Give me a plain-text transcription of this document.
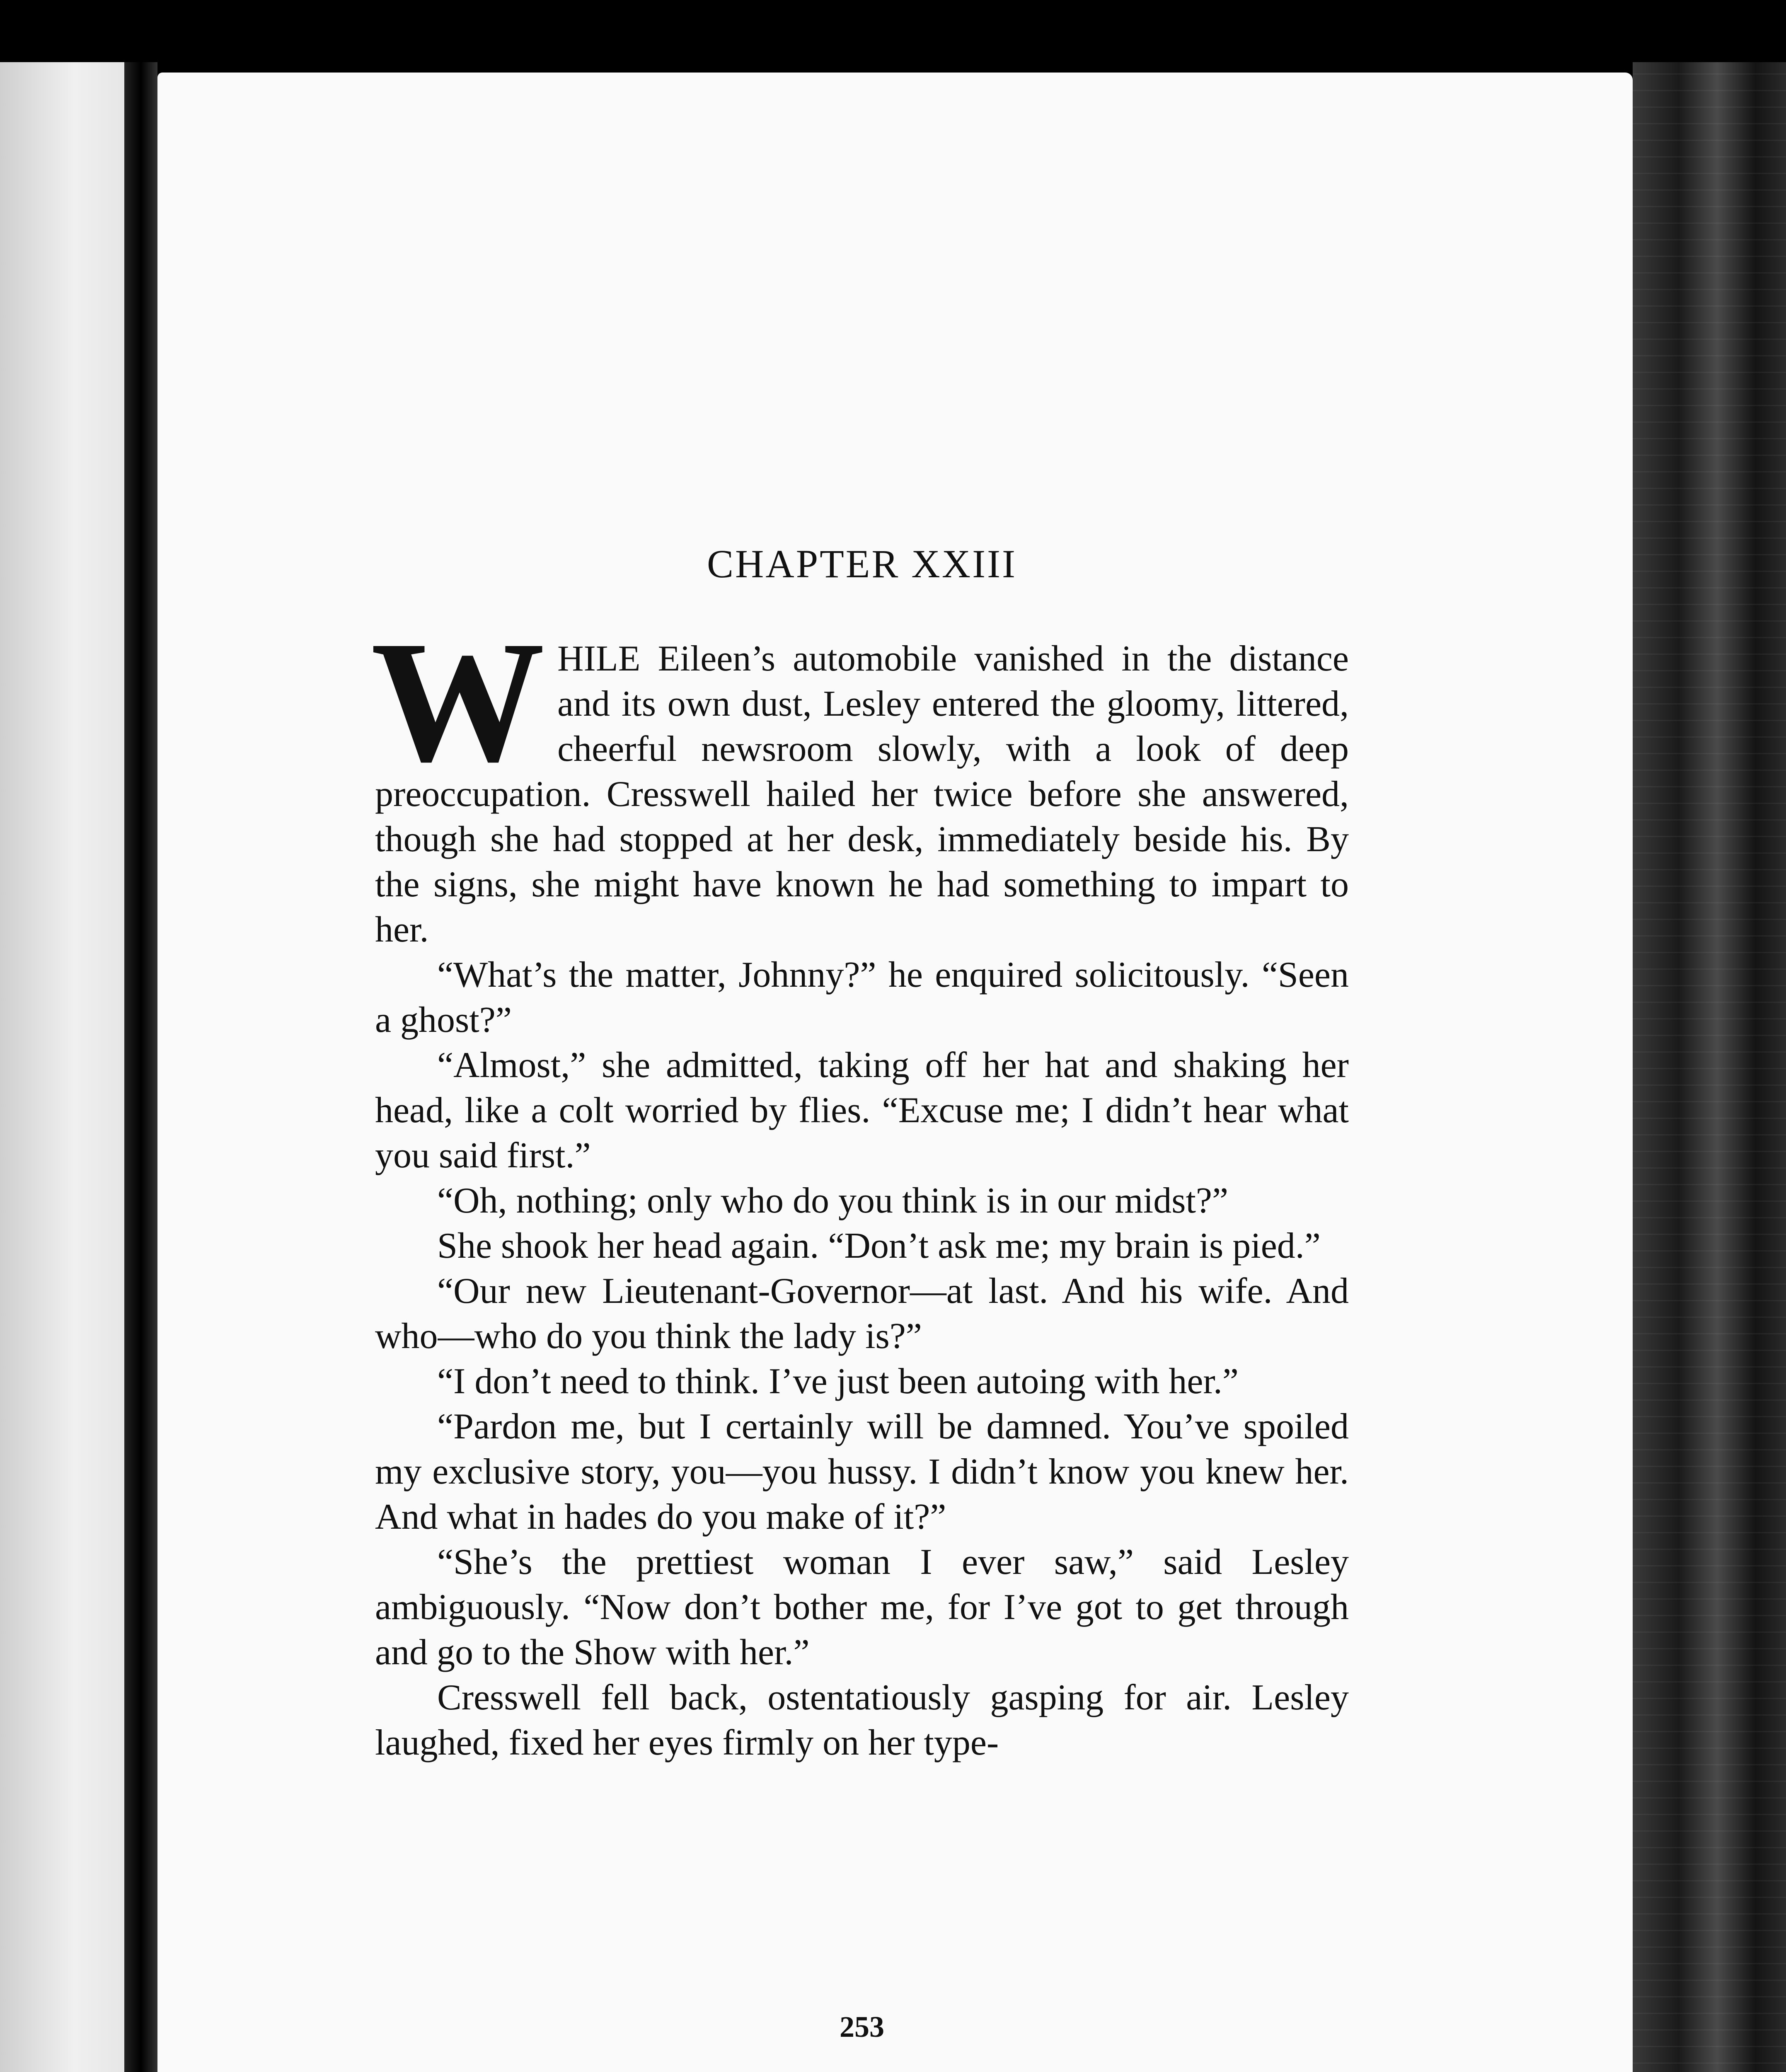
CHAPTER XXIII

WHILE Eileen’s automobile vanished in the distance and its own dust, Lesley entered the gloomy, littered, cheerful newsroom slowly, with a look of deep preoccupation. Cresswell hailed her twice before she answered, though she had stopped at her desk, immediately beside his. By the signs, she might have known he had something to impart to her.

“What’s the matter, Johnny?” he enquired solicitously. “Seen a ghost?”

“Almost,” she admitted, taking off her hat and shaking her head, like a colt worried by flies. “Excuse me; I didn’t hear what you said first.”

“Oh, nothing; only who do you think is in our midst?”

She shook her head again. “Don’t ask me; my brain is pied.”

“Our new Lieutenant-Governor—at last. And his wife. And who—who do you think the lady is?”

“I don’t need to think. I’ve just been autoing with her.”

“Pardon me, but I certainly will be damned. You’ve spoiled my exclusive story, you—you hussy. I didn’t know you knew her. And what in hades do you make of it?”

“She’s the prettiest woman I ever saw,” said Lesley ambiguously. “Now don’t bother me, for I’ve got to get through and go to the Show with her.”

Cresswell fell back, ostentatiously gasping for air. Lesley laughed, fixed her eyes firmly on her type-

253
